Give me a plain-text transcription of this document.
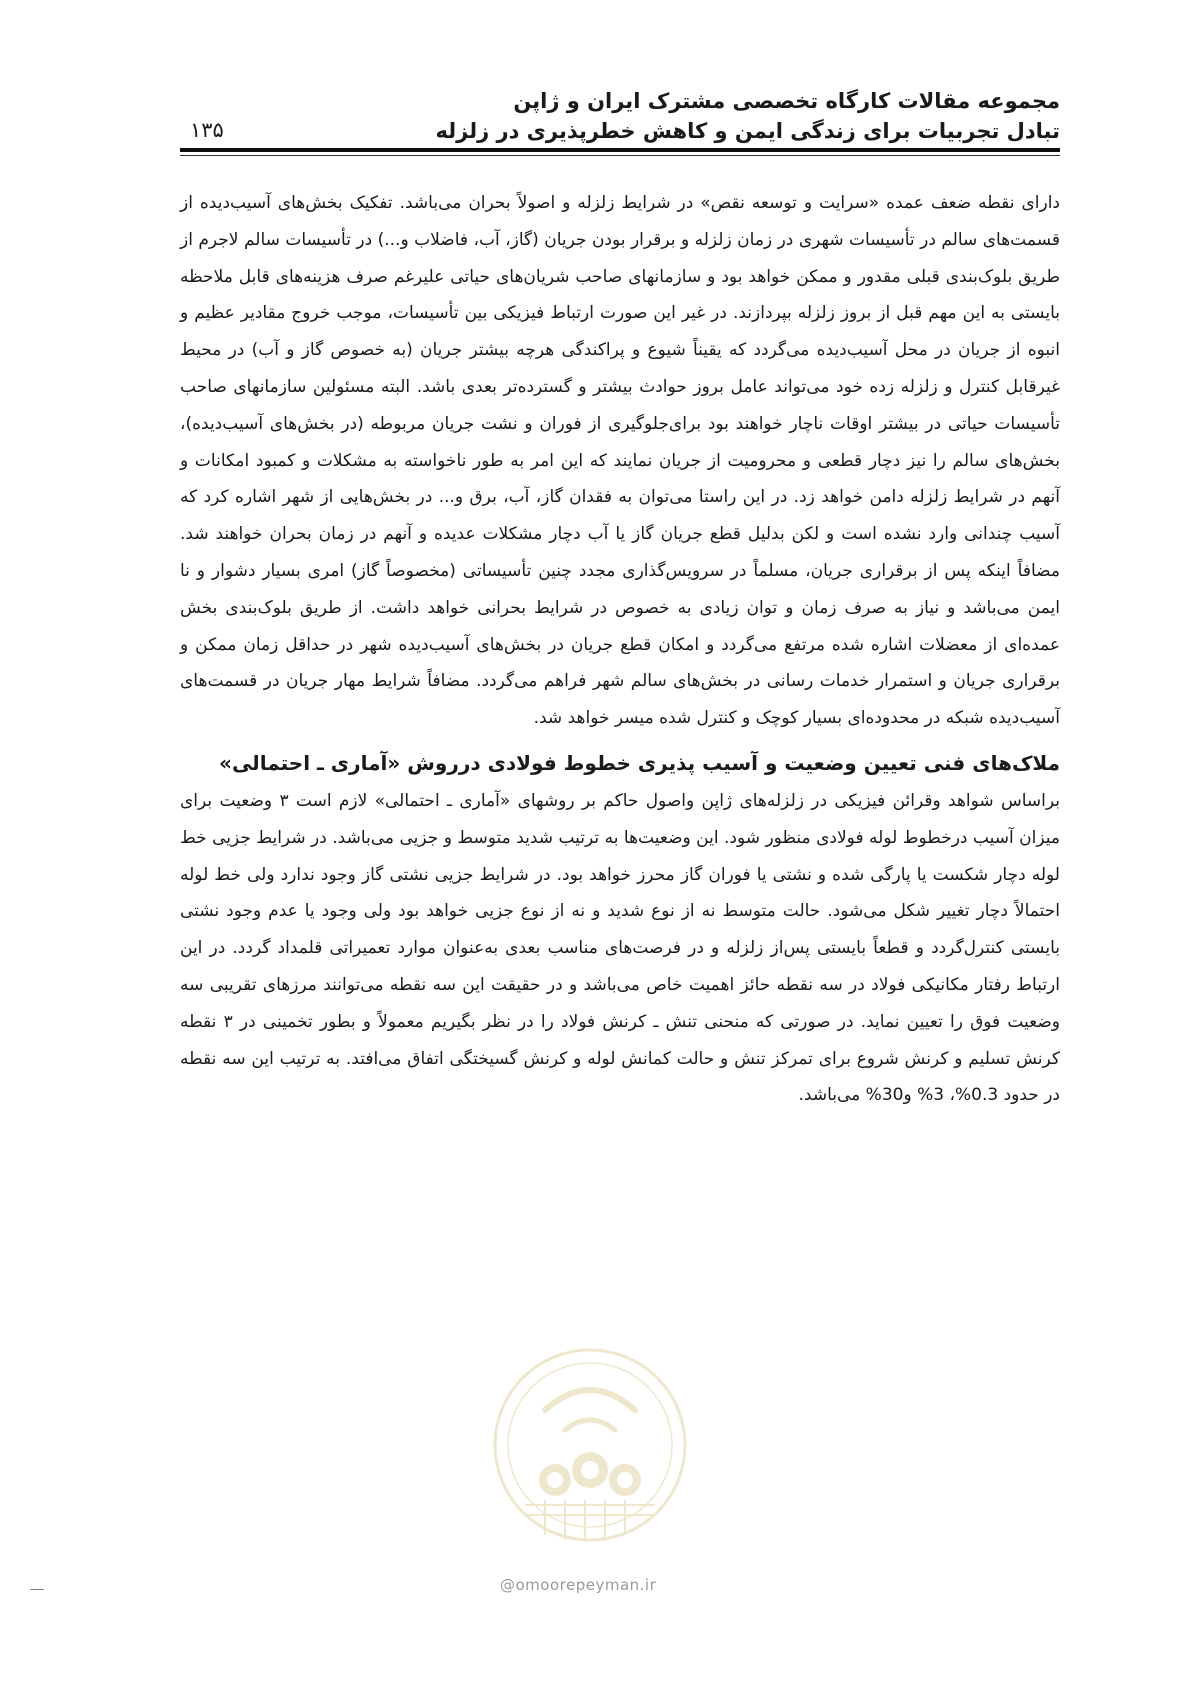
مجموعه مقالات کارگاه تخصصی مشترک ایران و ژاپن
تبادل تجربیات برای زندگی ایمن و کاهش خطرپذیری در زلزله
۱۳۵

دارای نقطه ضعف عمده «سرایت و توسعه نقص» در شرایط زلزله و اصولاً بحران می‌باشد. تفکیک بخش‌های آسیب‌دیده از قسمت‌های سالم در تأسیسات شهری در زمان زلزله و برقرار بودن جریان (گاز، آب، فاضلاب و...) در تأسیسات سالم لاجرم از طریق بلوک‌بندی قبلی مقدور و ممکن خواهد بود و سازمانهای صاحب شریان‌های حیاتی علیرغم صرف هزینه‌های قابل ملاحظه بایستی به این مهم قبل از بروز زلزله بپردازند. در غیر این صورت ارتباط فیزیکی بین تأسیسات، موجب خروج مقادیر عظیم و انبوه از جریان در محل آسیب‌دیده می‌گردد که یقیناً شیوع و پراکندگی هرچه بیشتر جریان (به خصوص گاز و آب) در محیط غیرقابل کنترل و زلزله زده خود می‌تواند عامل بروز حوادث بیشتر و گسترده‌تر بعدی باشد. البته مسئولین سازمانهای صاحب تأسیسات حیاتی در بیشتر اوقات ناچار خواهند بود برای‌جلوگیری از فوران و نشت جریان مربوطه (در بخش‌های آسیب‌دیده)، بخش‌های سالم را نیز دچار قطعی و محرومیت از جریان نمایند که این امر به طور ناخواسته به مشکلات و کمبود امکانات و آنهم در شرایط زلزله دامن خواهد زد. در این راستا می‌توان به فقدان گاز، آب، برق و... در بخش‌هایی از شهر اشاره کرد که آسیب چندانی وارد نشده است و لکن بدلیل قطع جریان گاز یا آب دچار مشکلات عدیده و آنهم در زمان بحران خواهند شد. مضافاً اینکه پس از برقراری جریان، مسلماً در سرویس‌گذاری مجدد چنین تأسیساتی (مخصوصاً گاز) امری بسیار دشوار و نا ایمن می‌باشد و نیاز به صرف زمان و توان زیادی به خصوص در شرایط بحرانی خواهد داشت. از طریق بلوک‌بندی بخش عمده‌ای از معضلات اشاره شده مرتفع می‌گردد و امکان قطع جریان در بخش‌های آسیب‌دیده شهر در حداقل زمان ممکن و برقراری جریان و استمرار خدمات رسانی در بخش‌های سالم شهر فراهم می‌گردد. مضافاً شرایط مهار جریان در قسمت‌های آسیب‌دیده شبکه در محدوده‌ای بسیار کوچک و کنترل شده میسر خواهد شد.

ملاک‌های فنی تعیین وضعیت و آسیب پذیری خطوط فولادی درروش «آماری ـ احتمالی»

براساس شواهد وقرائن فیزیکی در زلزله‌های ژاپن واصول حاکم بر روشهای «آماری ـ احتمالی» لازم است ۳ وضعیت برای میزان آسیب درخطوط لوله فولادی منظور شود. این وضعیت‌ها به ترتیب شدید متوسط و جزیی می‌باشد. در شرایط جزیی خط لوله دچار شکست یا پارگی شده و نشتی یا فوران گاز محرز خواهد بود. در شرایط جزیی نشتی گاز وجود ندارد ولی خط لوله احتمالاً دچار تغییر شکل می‌شود. حالت متوسط نه از نوع شدید و نه از نوع جزیی خواهد بود ولی وجود یا عدم وجود نشتی بایستی کنترل‌گردد و قطعاً بایستی پس‌از زلزله و در فرصت‌های مناسب بعدی به‌عنوان موارد تعمیراتی قلمداد گردد. در این ارتباط رفتار مکانیکی فولاد در سه نقطه حائز اهمیت خاص می‌باشد و در حقیقت این سه نقطه می‌توانند مرزهای تقریبی سه وضعیت فوق را تعیین نماید. در صورتی که منحنی تنش ـ کرنش فولاد را در نظر بگیریم معمولاً و بطور تخمینی در ۳ نقطه کرنش تسلیم و کرنش شروع برای تمرکز تنش و حالت کمانش لوله و کرنش گسیختگی اتفاق می‌افتد. به ترتیب این سه نقطه در حدود 0.3%، 3% و30% می‌باشد.

@omoorepeyman.ir
